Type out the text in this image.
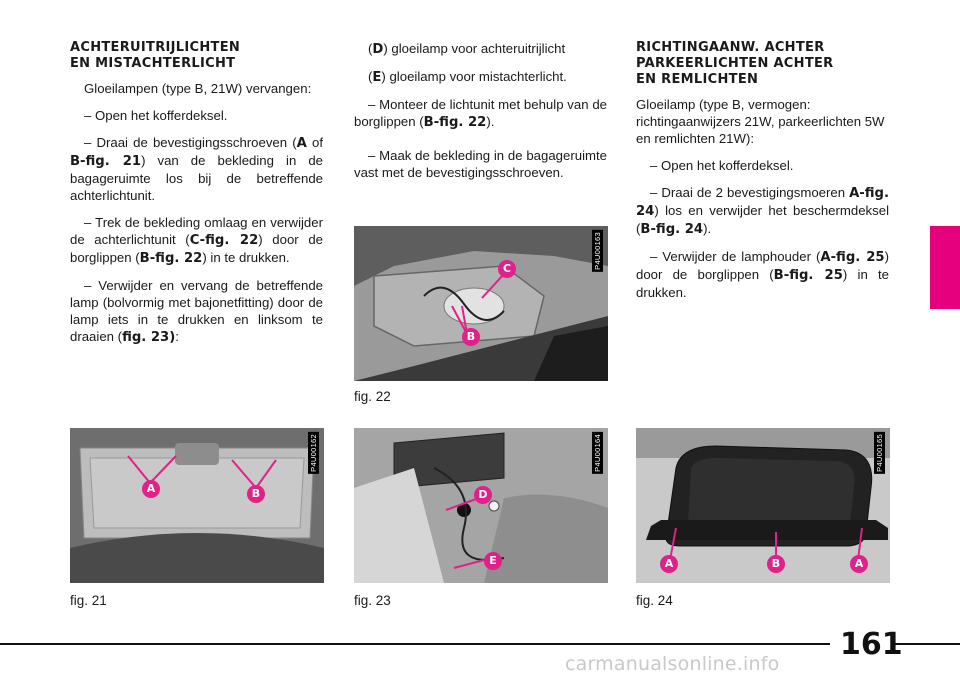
ACHTERUITRIJLICHTEN
EN MISTACHTERLICHT

Gloeilampen (type B, 21W) vervangen:

– Open het kofferdeksel.

– Draai de bevestigingsschroeven (A of B-fig. 21) van de bekleding in de bagageruimte los bij de betreffende achterlichtunit.

– Trek de bekleding omlaag en verwijder de achterlichtunit (C-fig. 22) door de borglippen (B-fig. 22) in te drukken.

– Verwijder en vervang de betreffende lamp (bolvormig met bajonetfitting) door de lamp iets in te drukken en linksom te draaien (fig. 23):

(D) gloeilamp voor achteruitrijlicht

(E) gloeilamp voor mistachterlicht.

– Monteer de lichtunit met behulp van de borglippen (B-fig. 22).

– Maak de bekleding in de bagageruimte vast met de bevestigingsschroeven.

RICHTINGAANW. ACHTER
PARKEERLICHTEN ACHTER
EN REMLICHTEN

Gloeilamp (type B, vermogen: richtingaanwijzers 21W, parkeerlichten 5W en remlichten 21W):

– Open het kofferdeksel.

– Draai de 2 bevestigingsmoeren A-fig. 24) los en verwijder het beschermdeksel (B-fig. 24).

– Verwijder de lamphouder (A-fig. 25) door de borglippen (B-fig. 25) in te drukken.

C
B
P4U00163
fig. 22
A	B
P4U00162
fig. 21
D
E
P4U00164
fig. 23
A	B	A
P4U00165
fig. 24
161
carmanualsonline.info
